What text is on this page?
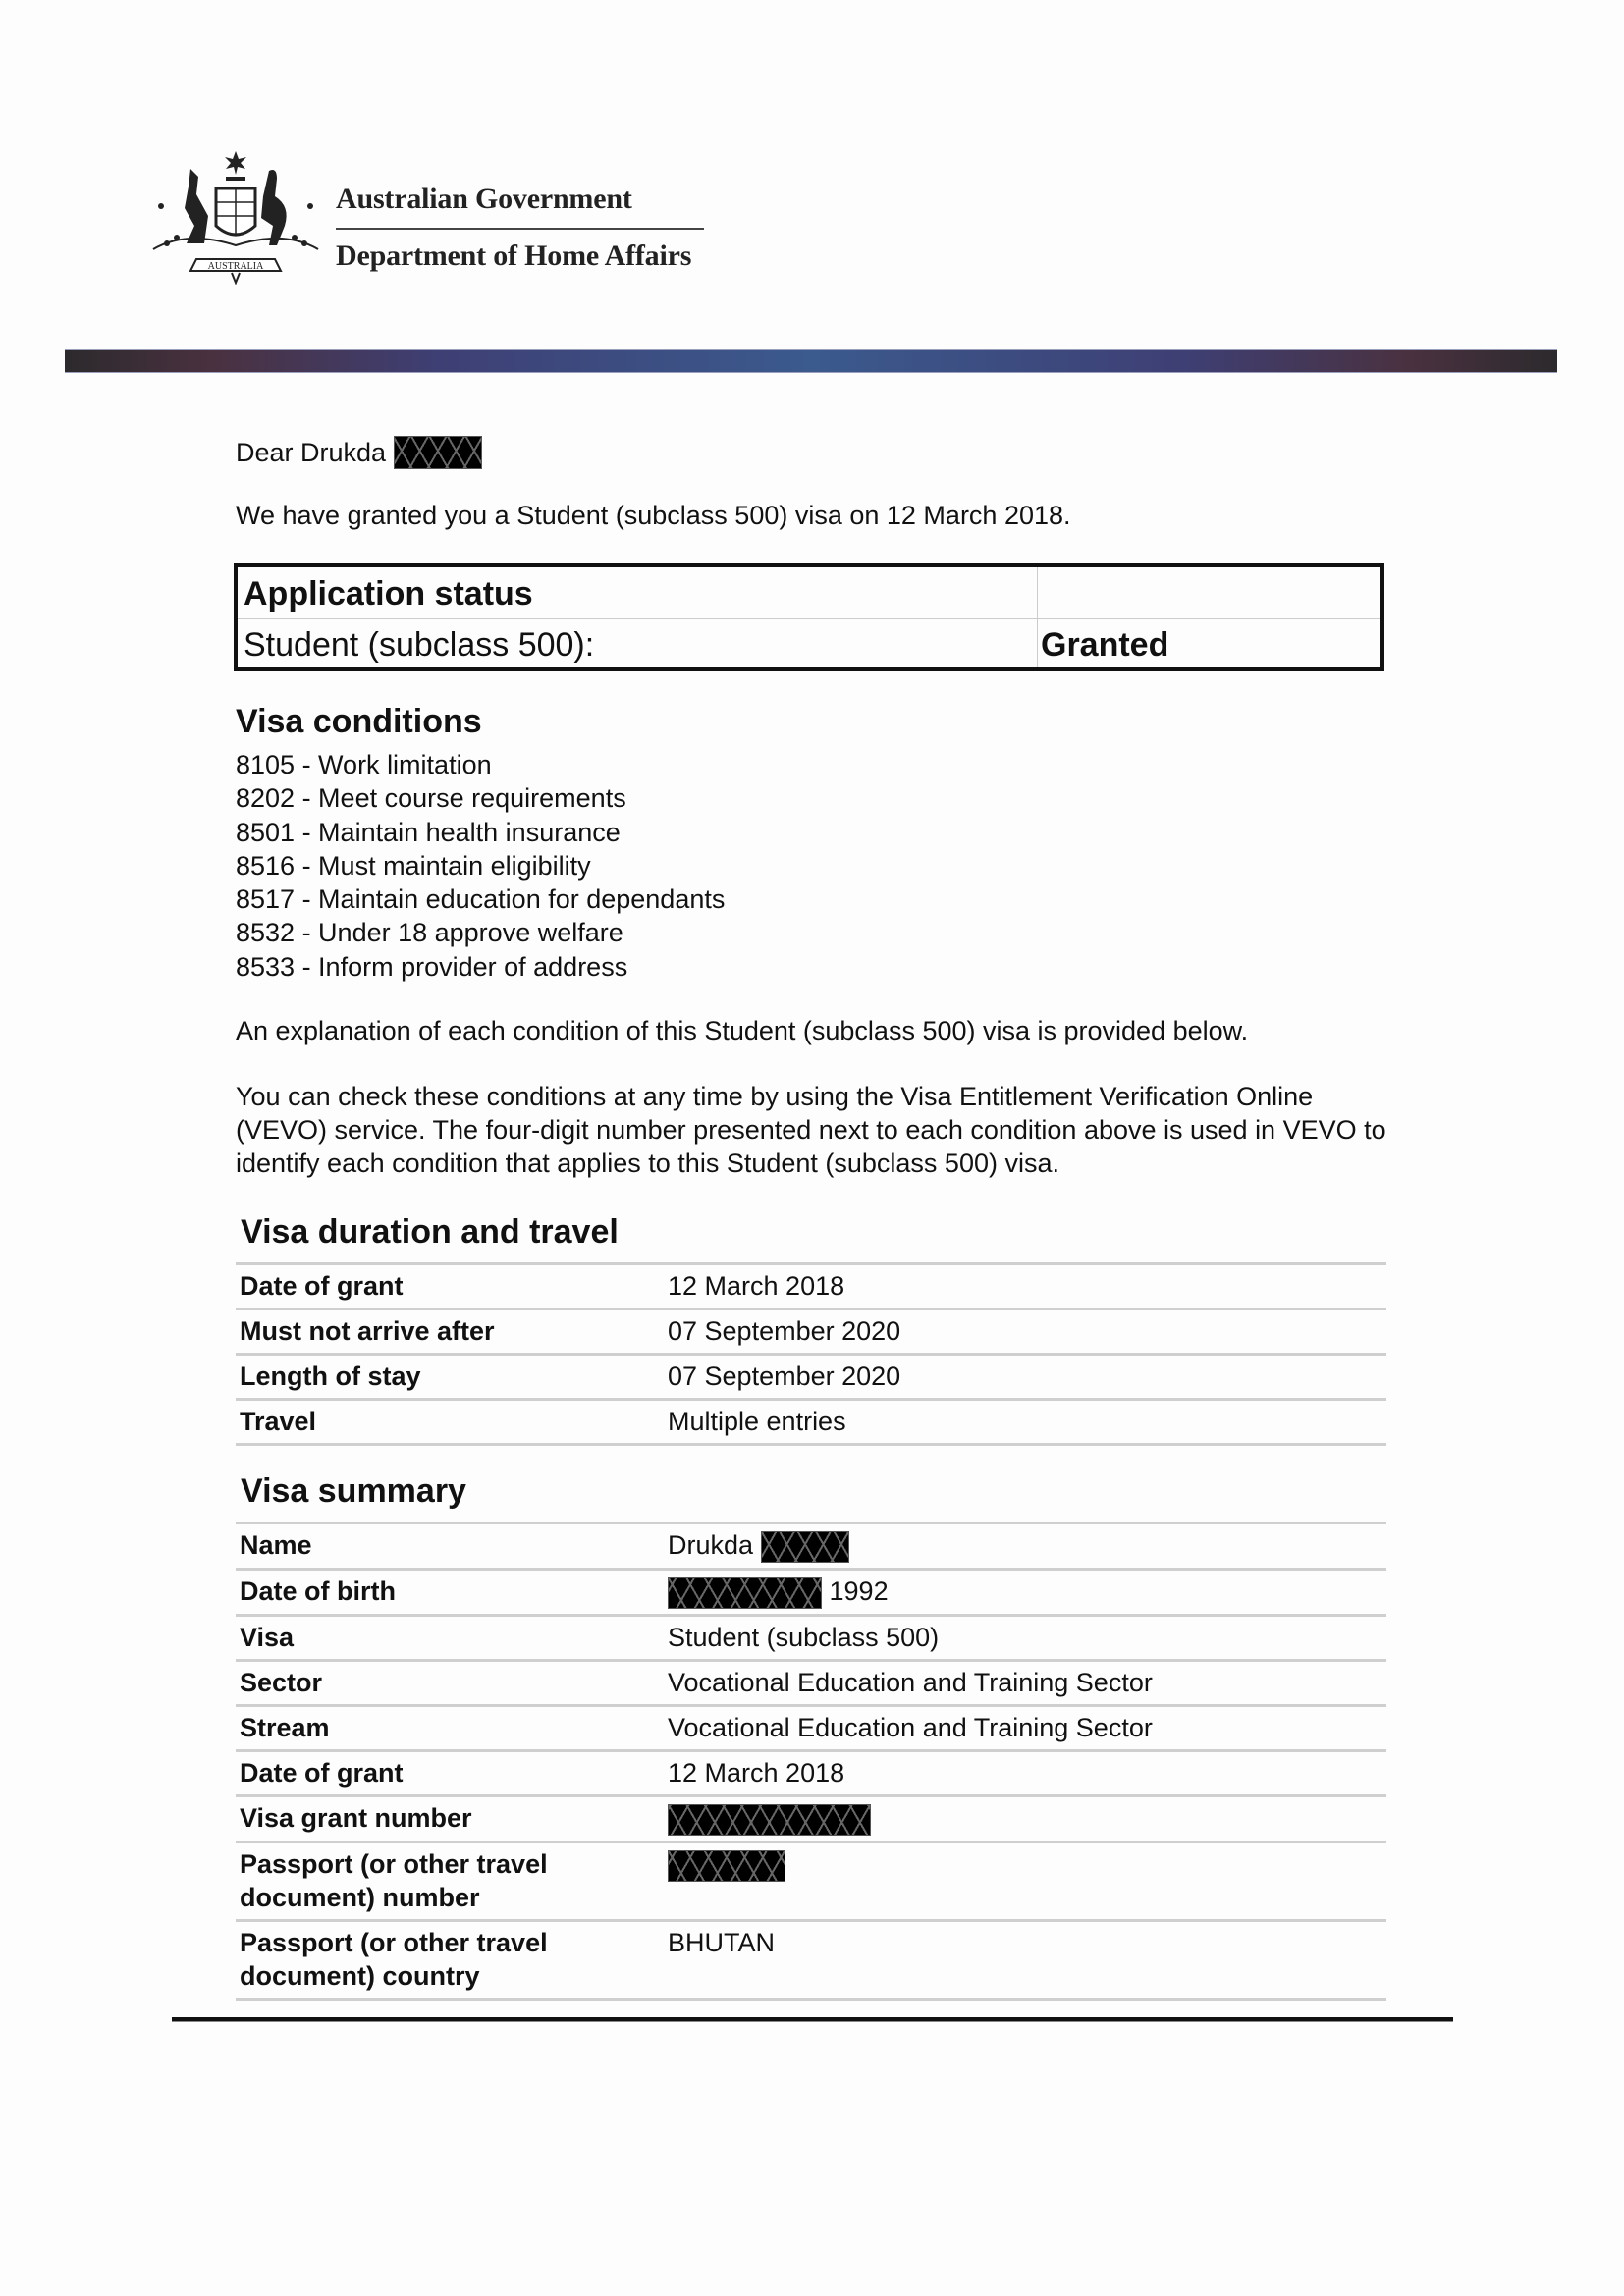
AUSTRALIA
Australian Government
Department of Home Affairs
Dear Drukda
We have granted you a Student (subclass 500) visa on 12 March 2018.
Application status
Student (subclass 500):	Granted
Visa conditions
8105 - Work limitation
8202 - Meet course requirements
8501 - Maintain health insurance
8516 - Must maintain eligibility
8517 - Maintain education for dependants
8532 - Under 18 approve welfare
8533 - Inform provider of address
An explanation of each condition of this Student (subclass 500) visa is provided below.
You can check these conditions at any time by using the Visa Entitlement Verification Online (VEVO) service. The four-digit number presented next to each condition above is used in VEVO to identify each condition that applies to this Student (subclass 500) visa.
Visa duration and travel
Date of grant	12 March 2018
Must not arrive after	07 September 2020
Length of stay	07 September 2020
Travel	Multiple entries
Visa summary
Name	Drukda
Date of birth	1992
Visa	Student (subclass 500)
Sector	Vocational Education and Training Sector
Stream	Vocational Education and Training Sector
Date of grant	12 March 2018
Visa grant number	
Passport (or other travel document) number	
Passport (or other travel document) country	BHUTAN
